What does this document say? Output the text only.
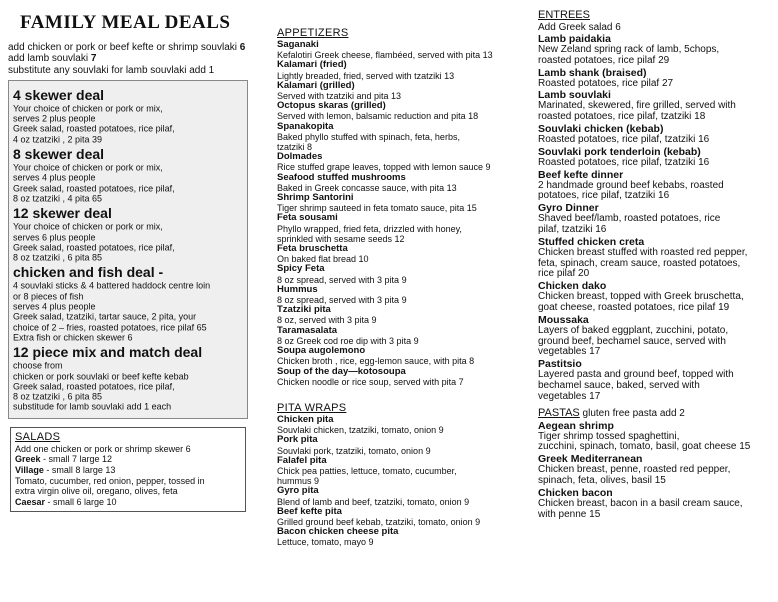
FAMILY MEAL DEALS
add chicken or pork or beef kefte or shrimp souvlaki 6
add lamb souvlaki 7
substitute any souvlaki for lamb souvlaki add 1
4 skewer deal
Your choice of chicken or pork or mix,
serves 2 plus people
Greek salad, roasted potatoes, rice pilaf,
4 oz tzatziki , 2 pita 39
8 skewer deal
Your choice of chicken or pork or mix,
serves 4 plus people
Greek salad, roasted potatoes, rice pilaf,
8 oz tzatziki , 4 pita 65
12 skewer deal
Your choice of chicken or pork or mix,
serves 6 plus people
Greek salad, roasted potatoes, rice pilaf,
8 oz tzatziki , 6 pita 85
chicken and fish deal -
4 souvlaki sticks & 4 battered haddock centre loin
or 8 pieces of fish
serves 4 plus people
Greek salad, tzatziki, tartar sauce, 2 pita, your
choice of 2 – fries, roasted potatoes, rice pilaf 65
Extra fish or chicken skewer 6
12 piece mix and match deal
choose from
chicken or pork souvlaki or beef kefte kebab
Greek salad, roasted potatoes, rice pilaf,
8 oz tzatziki , 6 pita 85
substitude for lamb souvlaki add 1 each
SALADS
Add one chicken or pork or shrimp skewer 6
Greek - small 7 large 12
Village - small 8 large 13
Tomato, cucumber, red onion, pepper, tossed in
extra virgin olive oil, oregano, olives, feta
Caesar - small 6 large 10
APPETIZERS
Saganaki
Kefalotiri Greek cheese, flambéed, served with pita 13
Kalamari (fried)
Lightly breaded, fried, served with tzatziki 13
Kalamari (grilled)
Served with tzatziki and pita 13
Octopus skaras (grilled)
Served with lemon, balsamic reduction and pita 18
Spanakopita
Baked phyllo stuffed with spinach, feta, herbs,
tzatziki 8
Dolmades
Rice stuffed grape leaves, topped with lemon sauce 9
Seafood stuffed mushrooms
Baked in Greek concasse sauce, with pita 13
Shrimp Santorini
Tiger shrimp sauteed in feta tomato sauce, pita 15
Feta sousami
Phyllo wrapped, fried feta, drizzled with honey,
sprinkled with sesame seeds 12
Feta bruschetta
On baked flat bread 10
Spicy Feta
8 oz spread, served with 3 pita 9
Hummus
8 oz spread, served with 3 pita 9
Tzatziki pita
8 oz, served with 3 pita 9
Taramasalata
8 oz Greek cod roe dip with 3 pita 9
Soupa augolemono
Chicken broth , rice, egg-lemon sauce, with pita 8
Soup of the day—kotosoupa
Chicken noodle or rice soup, served with pita 7
PITA WRAPS
Chicken pita
Souvlaki chicken, tzatziki, tomato, onion 9
Pork pita
Souvlaki pork, tzatziki, tomato, onion 9
Falafel pita
Chick pea patties, lettuce, tomato, cucumber,
hummus 9
Gyro pita
Blend of lamb and beef, tzatziki, tomato, onion 9
Beef kefte pita
Grilled ground beef kebab, tzatziki, tomato, onion 9
Bacon chicken cheese pita
Lettuce, tomato, mayo 9
ENTREES
Add Greek salad 6
Lamb paidakia
New Zeland spring rack of lamb, 5chops,
roasted potatoes, rice pilaf 29
Lamb shank (braised)
Roasted potatoes, rice pilaf 27
Lamb souvlaki
Marinated, skewered, fire grilled, served with
roasted potatoes, rice pilaf, tzatziki 18
Souvlaki chicken (kebab)
Roasted potatoes, rice pilaf, tzatziki 16
Souvlaki pork tenderloin (kebab)
Roasted potatoes, rice pilaf, tzatziki 16
Beef kefte dinner
2 handmade ground beef kebabs, roasted
potatoes, rice pilaf, tzatziki 16
Gyro Dinner
Shaved beef/lamb, roasted potatoes, rice
pilaf, tzatziki 16
Stuffed chicken creta
Chicken breast stuffed with roasted red pepper,
feta, spinach, cream sauce, roasted potatoes,
rice pilaf 20
Chicken dako
Chicken breast, topped with Greek bruschetta,
goat cheese, roasted potatoes, rice pilaf 19
Moussaka
Layers of baked eggplant, zucchini, potato,
ground beef, bechamel sauce, served with
vegetables 17
Pastitsio
Layered pasta and ground beef, topped with
bechamel sauce, baked, served with
vegetables 17
PASTAS gluten free pasta add 2
Aegean shrimp
Tiger shrimp tossed spaghettini,
zucchini, spinach, tomato, basil, goat cheese 15
Greek Mediterranean
Chicken breast, penne, roasted red pepper,
spinach, feta, olives, basil 15
Chicken bacon
Chicken breast, bacon in a basil cream sauce,
with penne 15
